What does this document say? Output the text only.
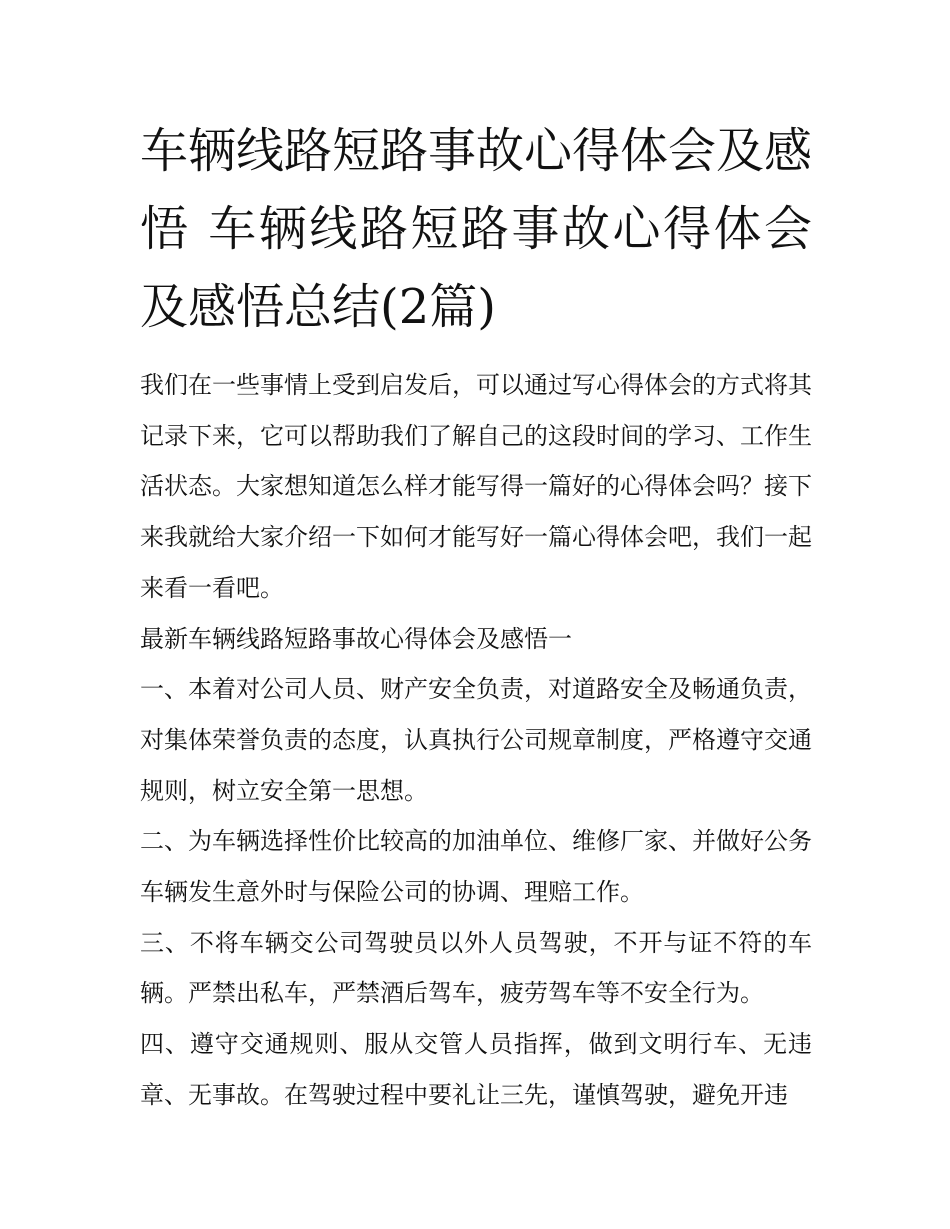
车辆线路短路事故心得体会及感悟 车辆线路短路事故心得体会及感悟总结(2篇)

我们在一些事情上受到启发后，可以通过写心得体会的方式将其记录下来，它可以帮助我们了解自己的这段时间的学习、工作生活状态。大家想知道怎么样才能写得一篇好的心得体会吗？接下来我就给大家介绍一下如何才能写好一篇心得体会吧，我们一起来看一看吧。

最新车辆线路短路事故心得体会及感悟一

一、本着对公司人员、财产安全负责，对道路安全及畅通负责，对集体荣誉负责的态度，认真执行公司规章制度，严格遵守交通规则，树立安全第一思想。

二、为车辆选择性价比较高的加油单位、维修厂家、并做好公务车辆发生意外时与保险公司的协调、理赔工作。

三、不将车辆交公司驾驶员以外人员驾驶，不开与证不符的车辆。严禁出私车，严禁酒后驾车，疲劳驾车等不安全行为。

四、遵守交通规则、服从交管人员指挥，做到文明行车、无违章、无事故。在驾驶过程中要礼让三先，谨慎驾驶，避免开违
